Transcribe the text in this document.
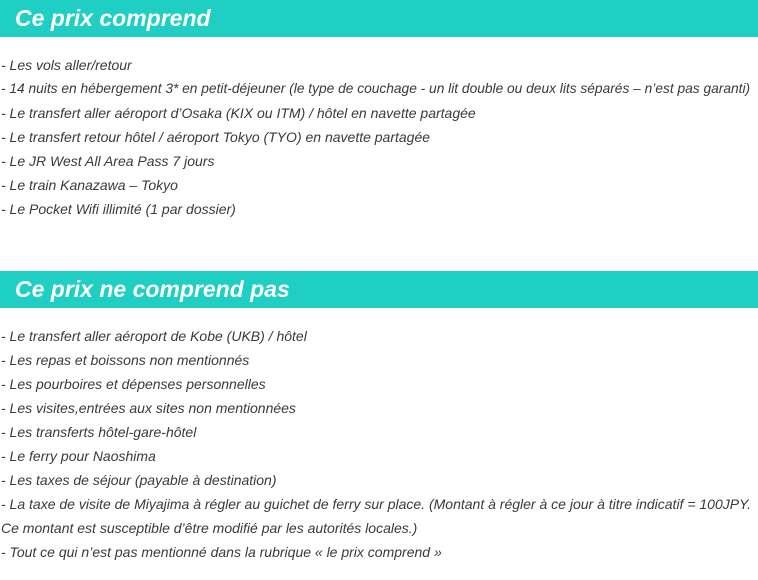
Ce prix comprend
- Les vols aller/retour
- 14 nuits en hébergement 3* en petit-déjeuner (le type de couchage - un lit double ou deux lits séparés – n’est pas garanti)
- Le transfert aller aéroport d’Osaka (KIX ou ITM) / hôtel en navette partagée
- Le transfert retour hôtel / aéroport Tokyo (TYO) en navette partagée
- Le JR West All Area Pass 7 jours
- Le train Kanazawa – Tokyo
- Le Pocket Wifi illimité (1 par dossier)
Ce prix ne comprend pas
- Le transfert aller aéroport de Kobe (UKB) / hôtel
- Les repas et boissons non mentionnés
- Les pourboires et dépenses personnelles
- Les visites,entrées aux sites non mentionnées
- Les transferts hôtel-gare-hôtel
- Le ferry pour Naoshima
- Les taxes de séjour (payable à destination)
- La taxe de visite de Miyajima à régler au guichet de ferry sur place. (Montant à régler à ce jour à titre indicatif = 100JPY. Ce montant est susceptible d’être modifié par les autorités locales.)
- Tout ce qui n’est pas mentionné dans la rubrique « le prix comprend »
